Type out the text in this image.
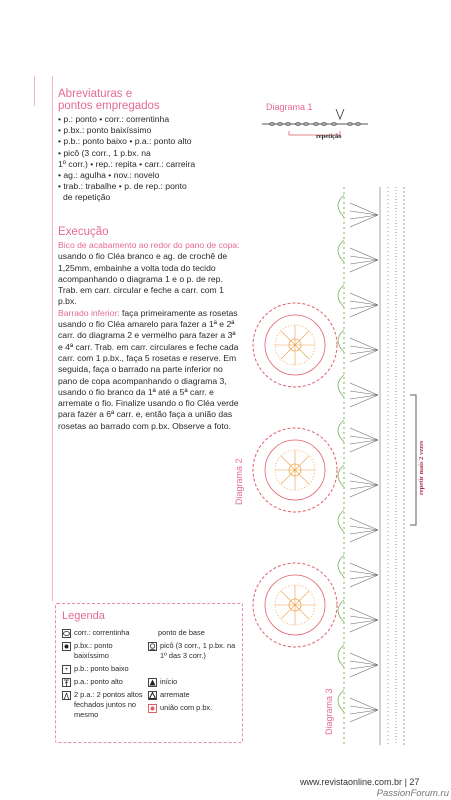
Abreviaturas e
pontos empregados
• p.: ponto • corr.: correntinha
• p.bx.: ponto baixíssimo
• p.b.: ponto baixo • p.a.: ponto alto
• picô (3 corr., 1 p.bx. na
1º corr.) • rep.: repita • carr.: carreira
• ag.: agulha • nov.: novelo
• trab.: trabalhe • p. de rep.: ponto
de repetição
Execução

Bico de acabamento ao redor do pano de copa: usando o fio Cléa branco e ag. de crochê de 1,25mm, embainhe a volta toda do tecido acompanhando o diagrama 1 e o p. de rep. Trab. em carr. circular e feche a carr. com 1 p.bx.

Barrado inferior: faça primeiramente as rosetas usando o fio Cléa amarelo para fazer a 1ª e 2ª carr. do diagrama 2 e vermelho para fazer a 3ª e 4ª carr. Trab. em carr. circulares e feche cada carr. com 1 p.bx., faça 5 rosetas e reserve. Em seguida, faça o barrado na parte inferior no pano de copa acompanhando o diagrama 3, usando o fio branco da 1ª até a 5ª carr. e arremate o fio. Finalize usando o fio Cléa verde para fazer a 6ª carr. e, então faça a união das rosetas ao barrado com p.bx. Observe a foto.

Legenda
corr.: correntinha	ponto de base
p.bx.: ponto baixíssimo
picô (3 corr., 1 p.bx. na 1º das 3 corr.)
+ p.b.: ponto baixo
p.a.: ponto alto	início
2 p.a.: 2 pontos altos fechados juntos no mesmo
arremate
união com p.bx.
Diagrama 1
repetição
Diagrama 2
Diagrama 3
repetir mais 2 vezes
www.revistaonline.com.br | 27
PassionForum.ru
